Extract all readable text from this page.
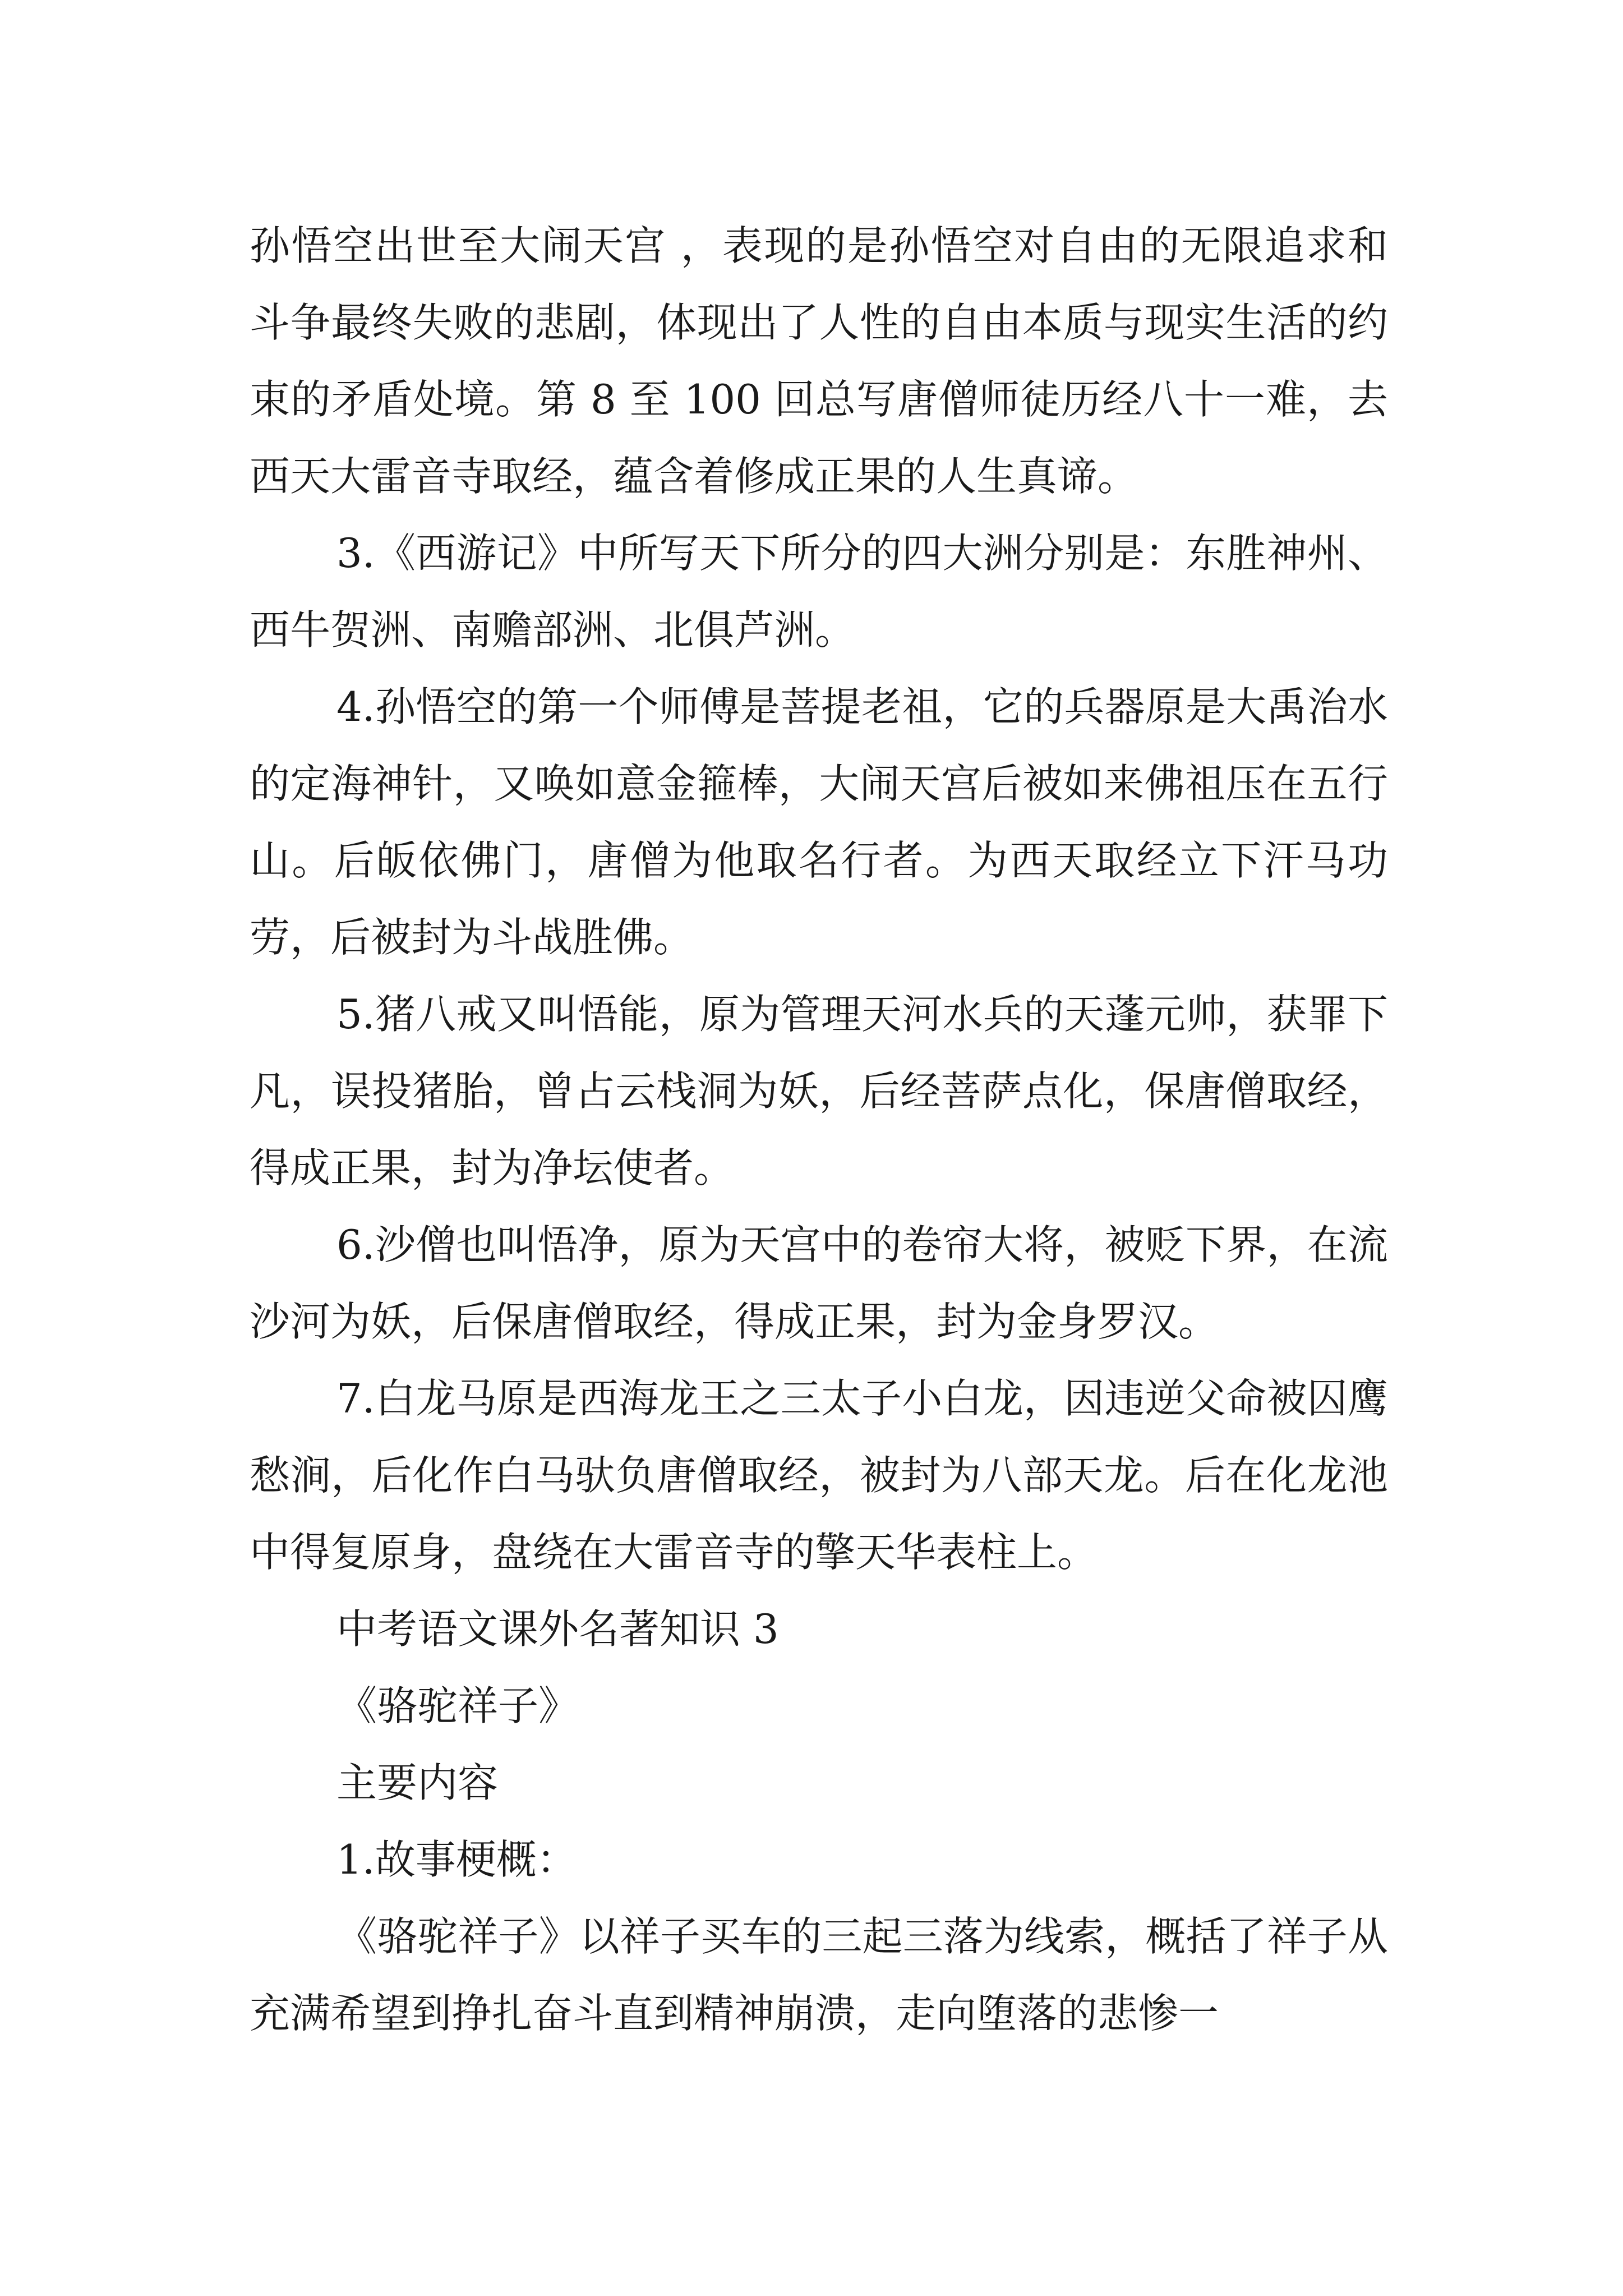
孙悟空出世至大闹天宫 ，表现的是孙悟空对自由的无限追求和斗争最终失败的悲剧，体现出了人性的自由本质与现实生活的约束的矛盾处境。第 8 至 100 回总写唐僧师徒历经八十一难，去西天大雷音寺取经，蕴含着修成正果的人生真谛。

3.《西游记》中所写天下所分的四大洲分别是：东胜神州、西牛贺洲、南赡部洲、北俱芦洲。

4.孙悟空的第一个师傅是菩提老祖，它的兵器原是大禹治水的定海神针，又唤如意金箍棒，大闹天宫后被如来佛祖压在五行山。后皈依佛门，唐僧为他取名行者。为西天取经立下汗马功劳，后被封为斗战胜佛。

5.猪八戒又叫悟能，原为管理天河水兵的天蓬元帅，获罪下凡，误投猪胎，曾占云栈洞为妖，后经菩萨点化，保唐僧取经，得成正果，封为净坛使者。

6.沙僧也叫悟净，原为天宫中的卷帘大将，被贬下界，在流沙河为妖，后保唐僧取经，得成正果，封为金身罗汉。

7.白龙马原是西海龙王之三太子小白龙，因违逆父命被囚鹰愁涧，后化作白马驮负唐僧取经，被封为八部天龙。后在化龙池中得复原身，盘绕在大雷音寺的擎天华表柱上。

中考语文课外名著知识 3

《骆驼祥子》

主要内容

1.故事梗概：

《骆驼祥子》以祥子买车的三起三落为线索，概括了祥子从充满希望到挣扎奋斗直到精神崩溃，走向堕落的悲惨一
